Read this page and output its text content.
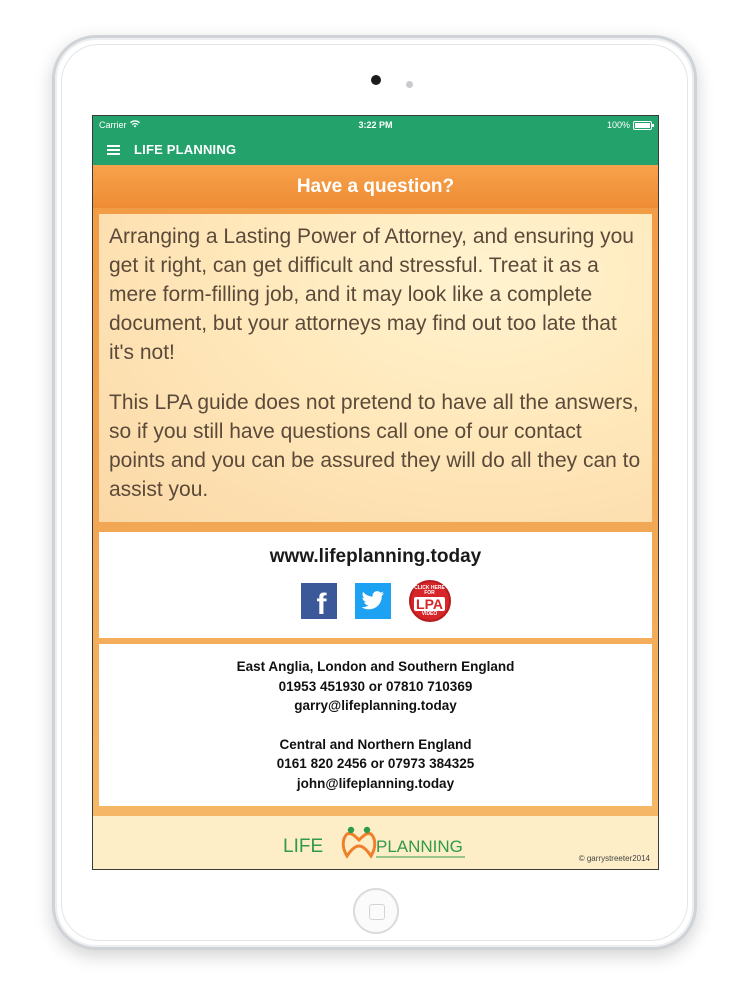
Carrier	3:22 PM	100%
LIFE PLANNING
Have a question?

Arranging a Lasting Power of Attorney, and ensuring you get it right, can get difficult and stressful. Treat it as a mere form-filling job, and it may look like a complete document, but your attorneys may find out too late that it's not!

This LPA guide does not pretend to have all the answers, so if you still have questions call one of our contact points and you can be assured they will do all they can to assist you.

www.lifeplanning.today
f
CLICK HERE FOR
LPA
VIDEO
East Anglia, London and Southern England
01953 451930 or 07810 710369
garry@lifeplanning.today
Central and Northern England
0161 820 2456 or 07973 384325
john@lifeplanning.today
LIFE	PLANNING
© garrystreeter2014
